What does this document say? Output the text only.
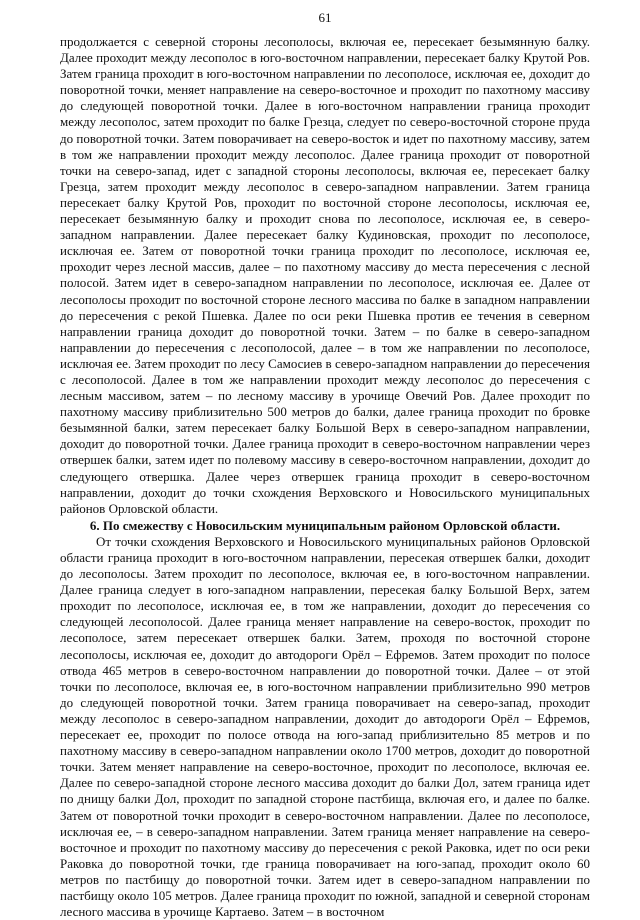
61

продолжается с северной стороны лесополосы, включая ее, пересекает безымянную балку. Далее проходит между лесополос в юго-восточном направлении, пересекает балку Крутой Ров. Затем граница проходит в юго-восточном направлении по лесополосе, исключая ее, доходит до поворотной точки, меняет направление на северо-восточное и проходит по пахотному массиву до следующей поворотной точки. Далее в юго-восточном направлении граница проходит между лесополос, затем проходит по балке Грезца, следует по северо-восточной стороне пруда до поворотной точки. Затем поворачивает на северо-восток и идет по пахотному массиву, затем в том же направлении проходит между лесополос. Далее граница проходит от поворотной точки на северо-запад, идет с западной стороны лесополосы, включая ее, пересекает балку Грезца, затем проходит между лесополос в северо-западном направлении. Затем граница пересекает балку Крутой Ров, проходит по восточной стороне лесополосы, исключая ее, пересекает безымянную балку и проходит снова по лесополосе, исключая ее, в северо-западном направлении. Далее пересекает балку Кудиновская, проходит по лесополосе, исключая ее. Затем от поворотной точки граница проходит по лесополосе, исключая ее, проходит через лесной массив, далее – по пахотному массиву до места пересечения с лесной полосой. Затем идет в северо-западном направлении по лесополосе, исключая ее. Далее от лесополосы проходит по восточной стороне лесного массива по балке в западном направлении до пересечения с рекой Пшевка. Далее по оси реки Пшевка против ее течения в северном направлении граница доходит до поворотной точки. Затем – по балке в северо-западном направлении до пересечения с лесополосой, далее – в том же направлении по лесополосе, исключая ее. Затем проходит по лесу Самосиев в северо-западном направлении до пересечения с лесополосой. Далее в том же направлении проходит между лесополос до пересечения с лесным массивом, затем – по лесному массиву в урочище Овечий Ров. Далее проходит по пахотному массиву приблизительно 500 метров до балки, далее граница проходит по бровке безымянной балки, затем пересекает балку Большой Верх в северо-западном направлении, доходит до поворотной точки. Далее граница проходит в северо-восточном направлении через отвершек балки, затем идет по полевому массиву в северо-восточном направлении, доходит до следующего отвершка. Далее через отвершек граница проходит в северо-восточном направлении, доходит до точки схождения Верховского и Новосильского муниципальных районов Орловской области.

6. По смежеству с Новосильским муниципальным районом Орловской области.

От точки схождения Верховского и Новосильского муниципальных районов Орловской области граница проходит в юго-восточном направлении, пересекая отвершек балки, доходит до лесополосы. Затем проходит по лесополосе, включая ее, в юго-восточном направлении. Далее граница следует в юго-западном направлении, пересекая балку Большой Верх, затем проходит по лесополосе, исключая ее, в том же направлении, доходит до пересечения со следующей лесополосой. Далее граница меняет направление на северо-восток, проходит по лесополосе, затем пересекает отвершек балки. Затем, проходя по восточной стороне лесополосы, исключая ее, доходит до автодороги Орёл – Ефремов. Затем проходит по полосе отвода 465 метров в северо-восточном направлении до поворотной точки. Далее – от этой точки по лесополосе, включая ее, в юго-восточном направлении приблизительно 990 метров до следующей поворотной точки. Затем граница поворачивает на северо-запад, проходит между лесополос в северо-западном направлении, доходит до автодороги Орёл – Ефремов, пересекает ее, проходит по полосе отвода на юго-запад приблизительно 85 метров и по пахотному массиву в северо-западном направлении около 1700 метров, доходит до поворотной точки. Затем меняет направление на северо-восточное, проходит по лесополосе, включая ее. Далее по северо-западной стороне лесного массива доходит до балки Дол, затем граница идет по днищу балки Дол, проходит по западной стороне пастбища, включая его, и далее по балке. Затем от поворотной точки проходит в северо-восточном направлении. Далее по лесополосе, исключая ее, – в северо-западном направлении. Затем граница меняет направление на северо-восточное и проходит по пахотному массиву до пересечения с рекой Раковка, идет по оси реки Раковка до поворотной точки, где граница поворачивает на юго-запад, проходит около 60 метров по пастбищу до поворотной точки. Затем идет в северо-западном направлении по пастбищу около 105 метров. Далее граница проходит по южной, западной и северной сторонам лесного массива в урочище Картаево. Затем – в восточном
